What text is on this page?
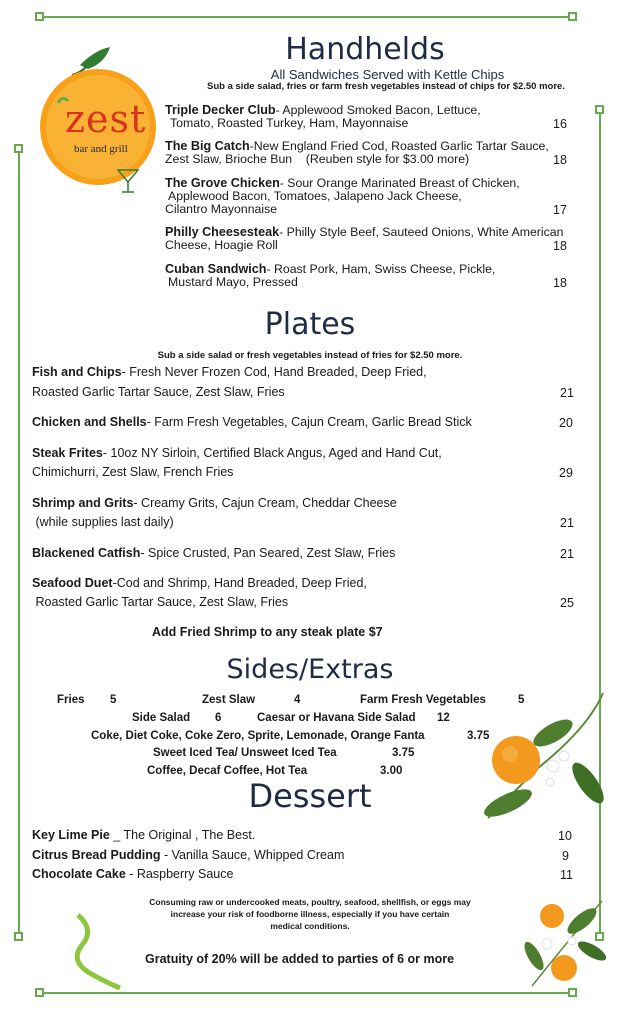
zest
bar and grill
Handhelds
All Sandwiches Served with Kettle Chips
Sub a side salad, fries or farm fresh vegetables instead of chips for $2.50 more.
Triple Decker Club- Applewood Smoked Bacon, Lettuce,
Tomato, Roasted Turkey, Ham, Mayonnaise	16
The Big Catch-New England Fried Cod, Roasted Garlic Tartar Sauce,
Zest Slaw, Brioche Bun    (Reuben style for $3.00 more)	18
The Grove Chicken- Sour Orange Marinated Breast of Chicken,
Applewood Bacon, Tomatoes, Jalapeno Jack Cheese,
Cilantro Mayonnaise	17
Philly Cheesesteak- Philly Style Beef, Sauteed Onions, White American
Cheese, Hoagie Roll	18
Cuban Sandwich- Roast Pork, Ham, Swiss Cheese, Pickle,
Mustard Mayo, Pressed	18
Plates
Sub a side salad or fresh vegetables instead of fries for $2.50 more.
Fish and Chips- Fresh Never Frozen Cod, Hand Breaded, Deep Fried,
Roasted Garlic Tartar Sauce, Zest Slaw, Fries	21
Chicken and Shells- Farm Fresh Vegetables, Cajun Cream, Garlic Bread Stick	20
Steak Frites- 10oz NY Sirloin, Certified Black Angus, Aged and Hand Cut,
Chimichurri, Zest Slaw, French Fries	29
Shrimp and Grits- Creamy Grits, Cajun Cream, Cheddar Cheese
(while supplies last daily)	21
Blackened Catfish- Spice Crusted, Pan Seared, Zest Slaw, Fries	21
Seafood Duet-Cod and Shrimp, Hand Breaded, Deep Fried,
Roasted Garlic Tartar Sauce, Zest Slaw, Fries	25
Add Fried Shrimp to any steak plate $7
Sides/Extras
Fries 5	Zest Slaw	4	Farm Fresh Vegetables	5
Side Salad 6	Caesar or Havana Side Salad 12
Coke, Diet Coke, Coke Zero, Sprite, Lemonade, Orange Fanta	3.75
Sweet Iced Tea/ Unsweet Iced Tea	3.75
Coffee, Decaf Coffee, Hot Tea	3.00
Dessert
Key Lime Pie _ The Original , The Best.	10
Citrus Bread Pudding - Vanilla Sauce, Whipped Cream	9
Chocolate Cake - Raspberry Sauce	11
Consuming raw or undercooked meats, poultry, seafood, shellfish, or eggs may
increase your risk of foodborne illness, especially if you have certain
medical conditions.
Gratuity of 20% will be added to parties of 6 or more
